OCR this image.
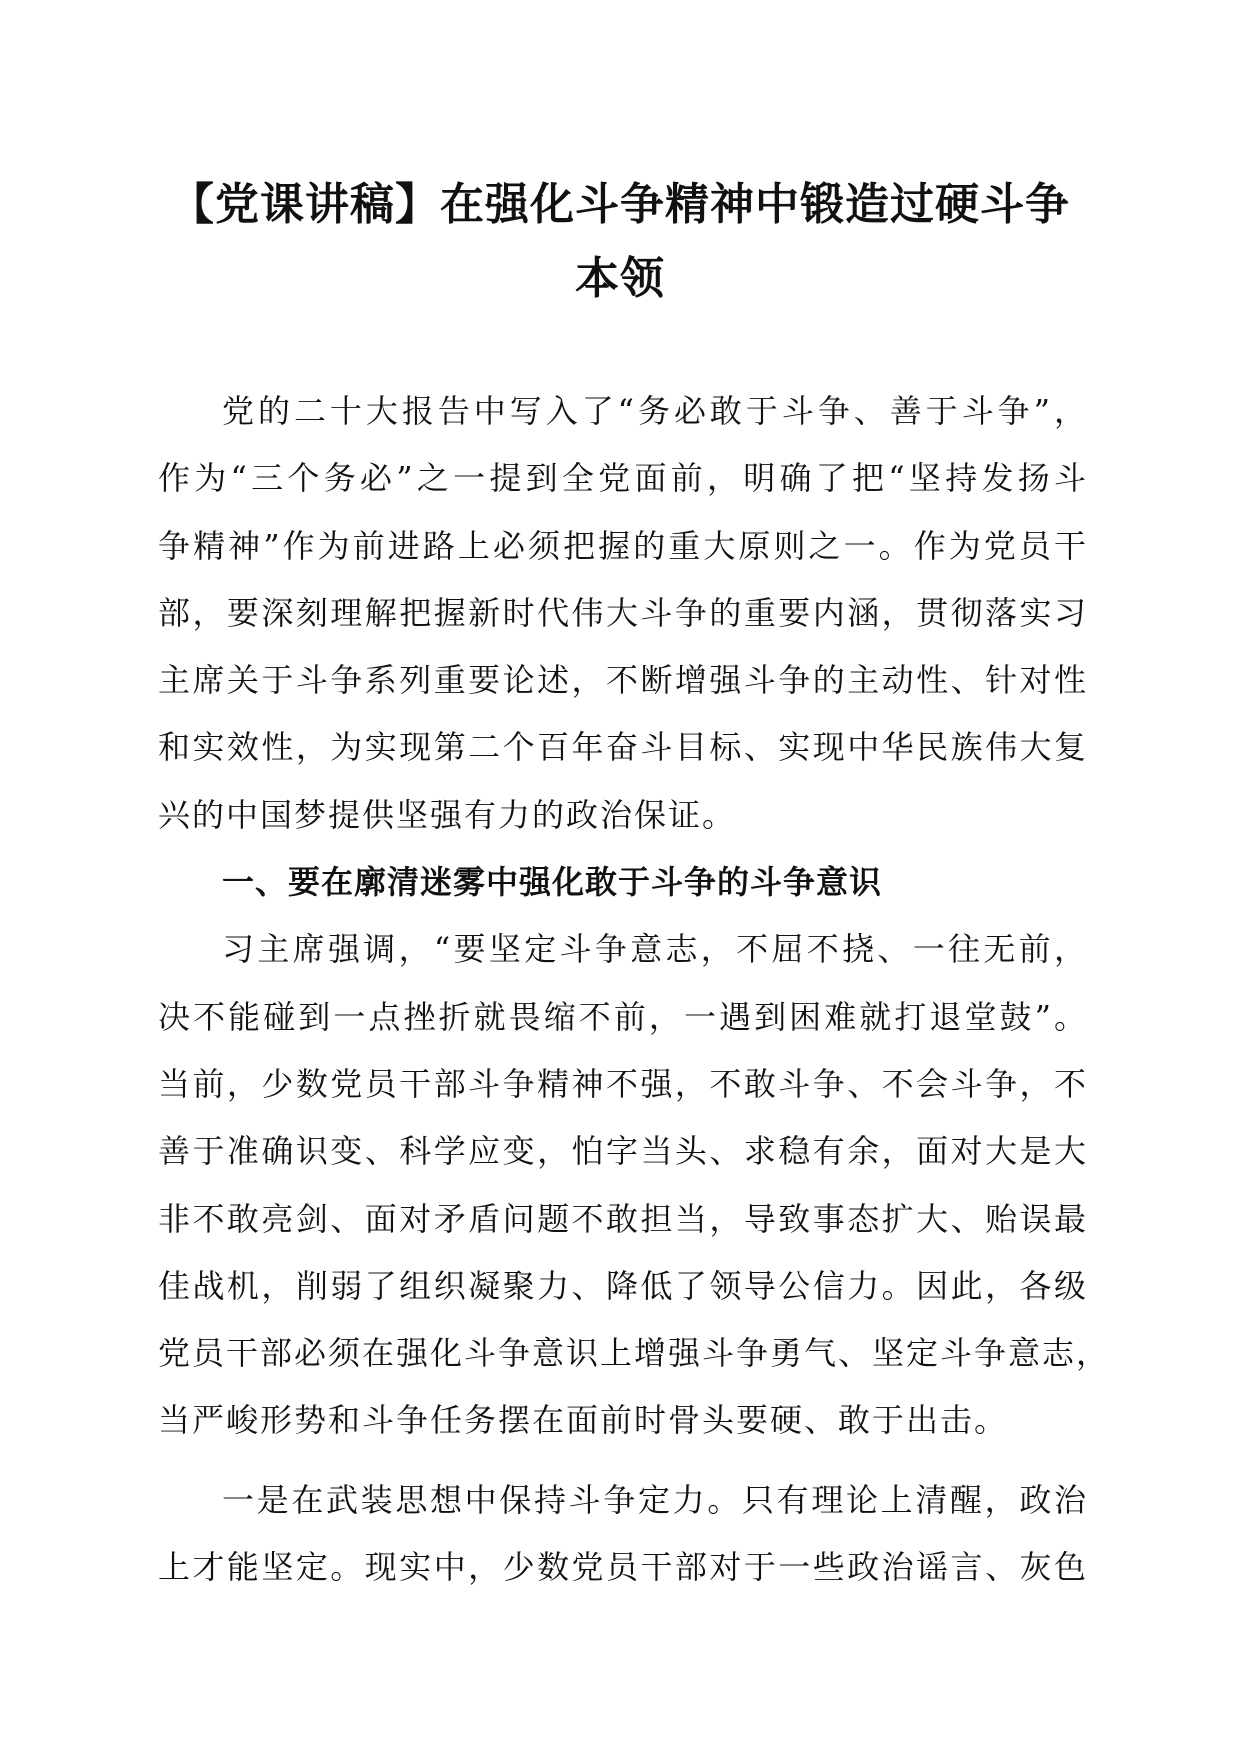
【党课讲稿】在强化斗争精神中锻造过硬斗争
本领
党的二十大报告中写入了“务必敢于斗争、善于斗争”，
作为“三个务必”之一提到全党面前，明确了把“坚持发扬斗
争精神”作为前进路上必须把握的重大原则之一。作为党员干
部，要深刻理解把握新时代伟大斗争的重要内涵，贯彻落实习
主席关于斗争系列重要论述，不断增强斗争的主动性、针对性
和实效性，为实现第二个百年奋斗目标、实现中华民族伟大复
兴的中国梦提供坚强有力的政治保证。
一、要在廓清迷雾中强化敢于斗争的斗争意识
习主席强调，“要坚定斗争意志，不屈不挠、一往无前，
决不能碰到一点挫折就畏缩不前，一遇到困难就打退堂鼓”。
当前，少数党员干部斗争精神不强，不敢斗争、不会斗争，不
善于准确识变、科学应变，怕字当头、求稳有余，面对大是大
非不敢亮剑、面对矛盾问题不敢担当，导致事态扩大、贻误最
佳战机，削弱了组织凝聚力、降低了领导公信力。因此，各级
党员干部必须在强化斗争意识上增强斗争勇气、坚定斗争意志，
当严峻形势和斗争任务摆在面前时骨头要硬、敢于出击。
一是在武装思想中保持斗争定力。只有理论上清醒，政治
上才能坚定。现实中，少数党员干部对于一些政治谣言、灰色
